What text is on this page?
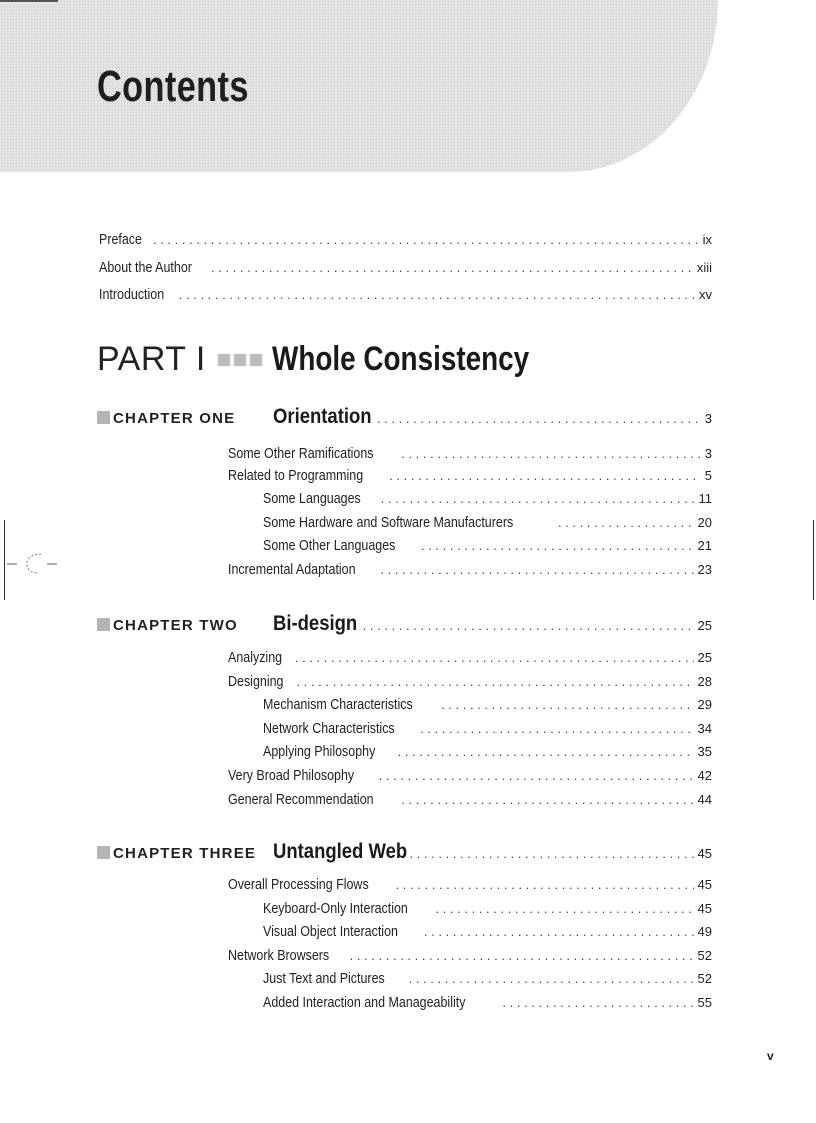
Contents
Preface . . .	ix
About the Author . . .	xiii
Introduction . . .	xv
PART I Whole Consistency
CHAPTER ONE	Orientation . . .	3
Some Other Ramifications . . .	3
Related to Programming . . .	5
Some Languages . . .	11
Some Hardware and Software Manufacturers . . .	20
Some Other Languages . . .	21
Incremental Adaptation . . .	23
CHAPTER TWO	Bi-design . . .	25
Analyzing . . .	25
Designing . . .	28
Mechanism Characteristics . . .	29
Network Characteristics . . .	34
Applying Philosophy . . .	35
Very Broad Philosophy . . .	42
General Recommendation . . .	44
CHAPTER THREE Untangled Web . . .	45
Overall Processing Flows . . .	45
Keyboard-Only Interaction . . .	45
Visual Object Interaction . . .	49
Network Browsers . . .	52
Just Text and Pictures . . .	52
Added Interaction and Manageability . . .	55
v
